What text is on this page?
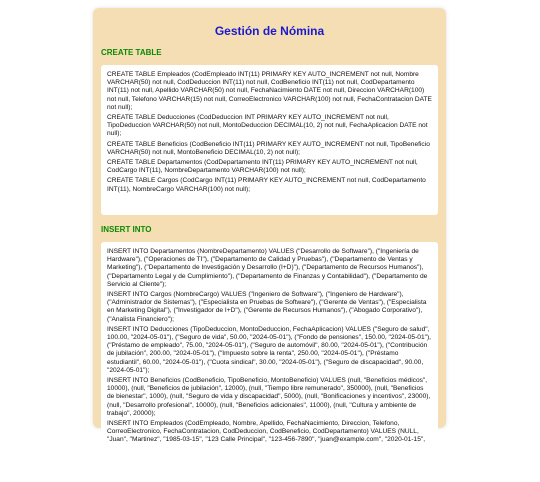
Gestión de Nómina
CREATE TABLE
CREATE TABLE Empleados (CodEmpleado INT(11) PRIMARY KEY AUTO_INCREMENT not null, Nombre VARCHAR(50) not null, CodDeduccion INT(11) not null, CodBeneficio INT(11) not null, CodDepartamento INT(11) not null, Apellido VARCHAR(50) not null, FechaNacimiento DATE not null, Direccion VARCHAR(100) not null, Telefono VARCHAR(15) not null, CorreoElectronico VARCHAR(100) not null, FechaContratacion DATE not null);
CREATE TABLE Deducciones (CodDeduccion INT PRIMARY KEY AUTO_INCREMENT not null, TipoDeduccion VARCHAR(50) not null, MontoDeduccion DECIMAL(10, 2) not null, FechaAplicacion DATE not null);
CREATE TABLE Beneficios (CodBeneficio INT(11) PRIMARY KEY AUTO_INCREMENT not null, TipoBeneficio VARCHAR(50) not null, MontoBeneficio DECIMAL(10, 2) not null);
CREATE TABLE Departamentos (CodDepartamento INT(11) PRIMARY KEY AUTO_INCREMENT not null, CodCargo INT(11), NombreDepartamento VARCHAR(100) not null);
CREATE TABLE Cargos (CodCargo INT(11) PRIMARY KEY AUTO_INCREMENT not null, CodDepartamento INT(11), NombreCargo VARCHAR(100) not null);
INSERT INTO
INSERT INTO Departamentos (NombreDepartamento) VALUES ("Desarrollo de Software"), ("Ingeniería de Hardware"), ("Operaciones de TI"), ("Departamento de Calidad y Pruebas"), ("Departamento de Ventas y Marketing"), ("Departamento de Investigación y Desarrollo (I+D)"), ("Departamento de Recursos Humanos"), ("Departamento Legal y de Cumplimiento"), ("Departamento de Finanzas y Contabilidad"), ("Departamento de Servicio al Cliente");
INSERT INTO Cargos (NombreCargo) VALUES ("Ingeniero de Software"), ("Ingeniero de Hardware"), ("Administrador de Sistemas"), ("Especialista en Pruebas de Software"), ("Gerente de Ventas"), ("Especialista en Marketing Digital"), ("Investigador de I+D"), ("Gerente de Recursos Humanos"), ("Abogado Corporativo"), ("Analista Financiero");
INSERT INTO Deducciones (TipoDeduccion, MontoDeduccion, FechaAplicacion) VALUES ("Seguro de salud", 100.00, "2024-05-01"), ("Seguro de vida", 50.00, "2024-05-01"), ("Fondo de pensiones", 150.00, "2024-05-01"), ("Préstamo de empleado", 75.00, "2024-05-01"), ("Seguro de automóvil", 80.00, "2024-05-01"), ("Contribución de jubilación", 200.00, "2024-05-01"), ("Impuesto sobre la renta", 250.00, "2024-05-01"), ("Préstamo estudiantil", 60.00, "2024-05-01"), ("Cuota sindical", 30.00, "2024-05-01"), ("Seguro de discapacidad", 90.00, "2024-05-01");
INSERT INTO Beneficios (CodBeneficio, TipoBeneficio, MontoBeneficio) VALUES (null, "Beneficios médicos", 10000), (null, "Beneficios de jubilación", 12000), (null, "Tiempo libre remunerado", 350000), (null, "Beneficios de bienestar", 1000), (null, "Seguro de vida y discapacidad", 5000), (null, "Bonificaciones y incentivos", 23000), (null, "Desarrollo profesional", 10000), (null, "Beneficios adicionales", 11000), (null, "Cultura y ambiente de trabajo", 20000);
INSERT INTO Empleados (CodEmpleado, Nombre, Apellido, FechaNacimiento, Direccion, Telefono, CorreoElectronico, FechaContratacion, CodDeduccion, CodBeneficio, CodDepartamento) VALUES (NULL, "Juan", "Martinez", "1985-03-15", "123 Calle Principal", "123-456-7890", "juan@example.com", "2020-01-15",
